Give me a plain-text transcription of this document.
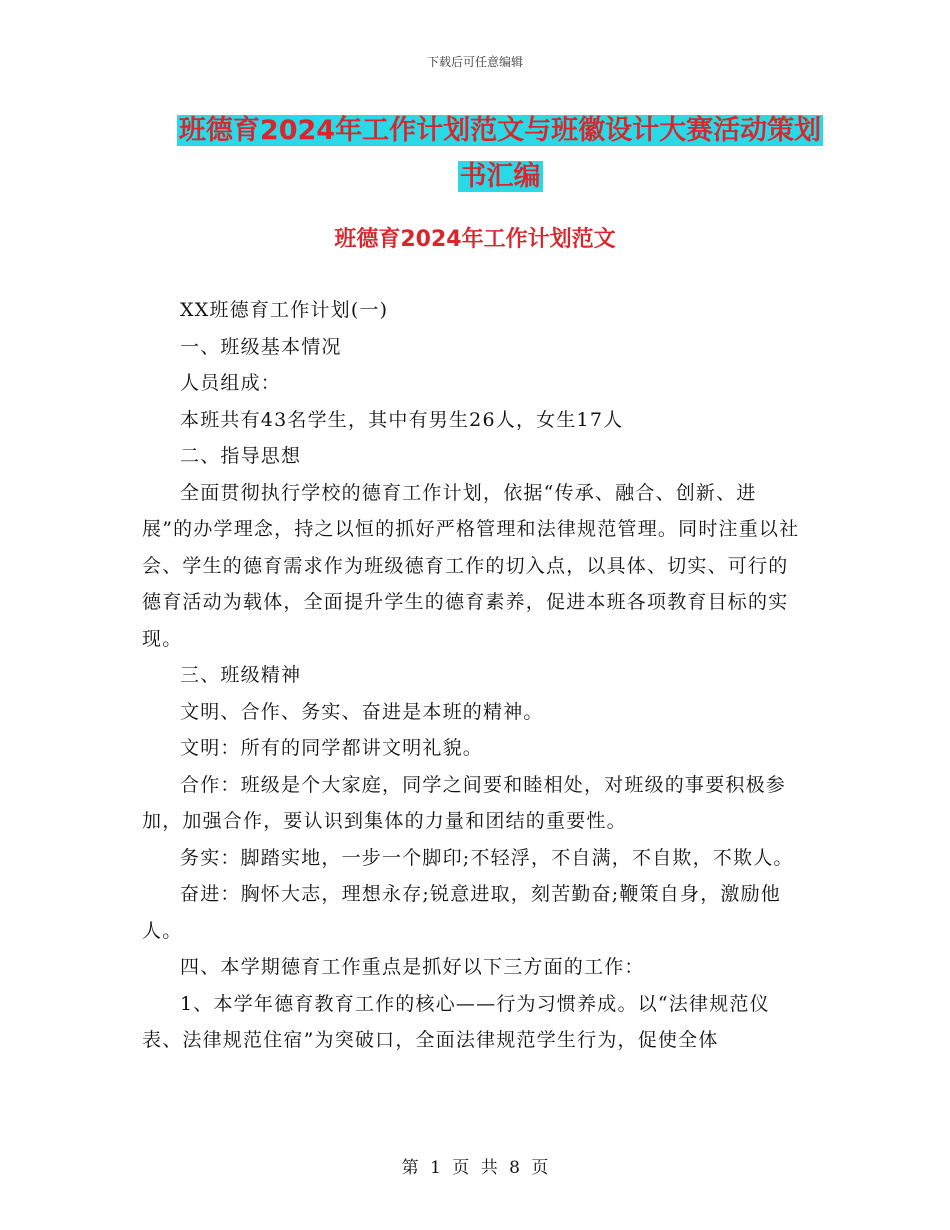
下载后可任意编辑
班德育2024年工作计划范文与班徽设计大赛活动策划
书汇编
班德育2024年工作计划范文

XX班德育工作计划(一)

一、班级基本情况

人员组成：

本班共有43名学生，其中有男生26人，女生17人

二、指导思想

全面贯彻执行学校的德育工作计划，依据“传承、融合、创新、进展”的办学理念，持之以恒的抓好严格管理和法律规范管理。同时注重以社会、学生的德育需求作为班级德育工作的切入点，以具体、切实、可行的德育活动为载体，全面提升学生的德育素养，促进本班各项教育目标的实现。

三、班级精神

文明、合作、务实、奋进是本班的精神。

文明：所有的同学都讲文明礼貌。

合作：班级是个大家庭，同学之间要和睦相处，对班级的事要积极参加，加强合作，要认识到集体的力量和团结的重要性。

务实：脚踏实地，一步一个脚印;不轻浮，不自满，不自欺，不欺人。

奋进：胸怀大志，理想永存;锐意进取，刻苦勤奋;鞭策自身，激励他人。

四、本学期德育工作重点是抓好以下三方面的工作：

1、本学年德育教育工作的核心——行为习惯养成。以“法律规范仪表、法律规范住宿”为突破口，全面法律规范学生行为，促使全体

第 1 页 共 8 页
